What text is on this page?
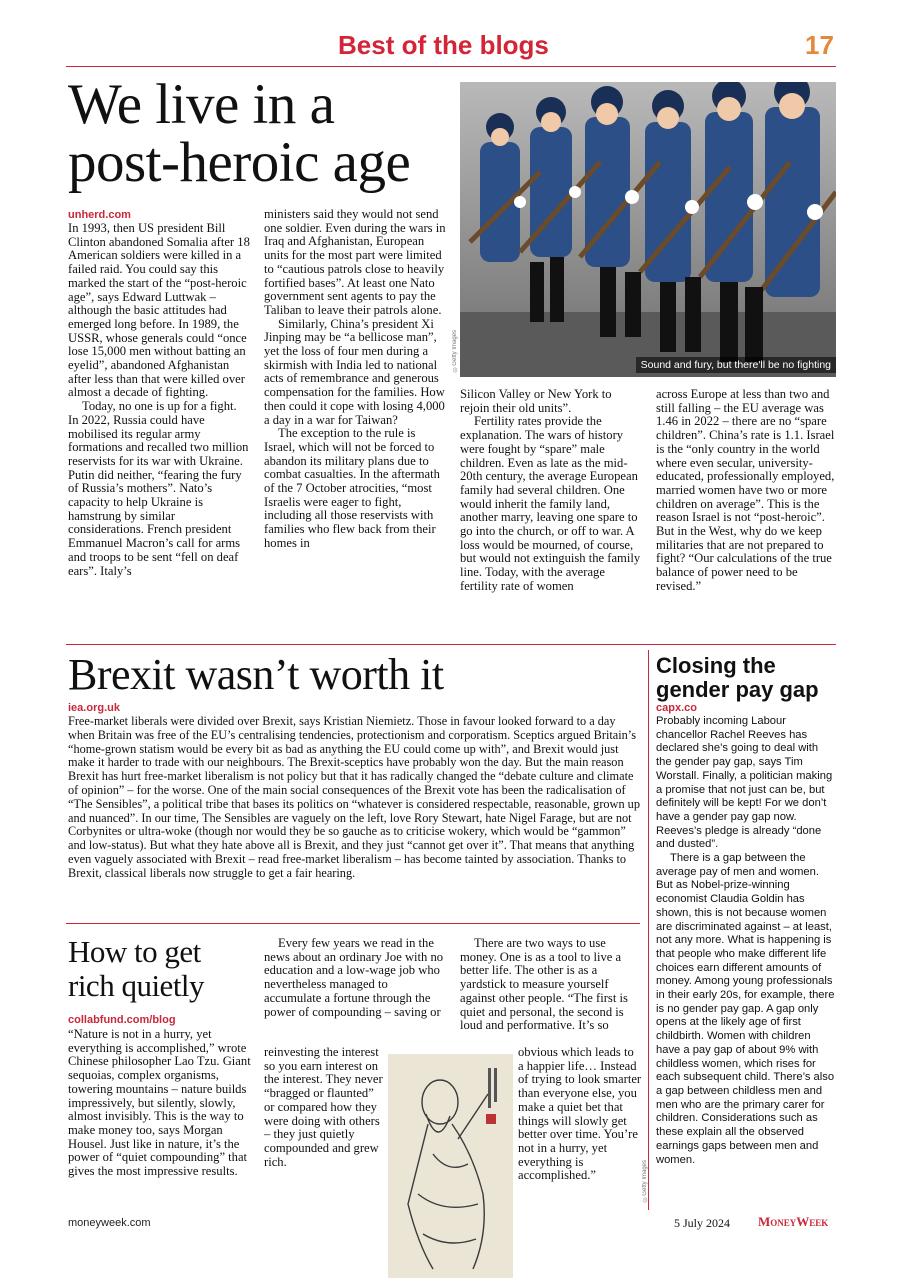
Best of the blogs	17
We live in a
post-heroic age
unherd.com
©Getty Images	Sound and fury, but there'll be no fighting

In 1993, then US president Bill Clinton abandoned Somalia after 18 American soldiers were killed in a failed raid. You could say this marked the start of the “post-heroic age”, says Edward Luttwak – although the basic attitudes had emerged long before. In 1989, the USSR, whose generals could “once lose 15,000 men without batting an eyelid”, abandoned Afghanistan after less than that were killed over almost a decade of fighting.

Today, no one is up for a fight. In 2022, Russia could have mobilised its regular army formations and recalled two million reservists for its war with Ukraine. Putin did neither, “fearing the fury of Russia’s mothers”. Nato’s capacity to help Ukraine is hamstrung by similar considerations. French president Emmanuel Macron’s call for arms and troops to be sent “fell on deaf ears”. Italy’s

ministers said they would not send one soldier. Even during the wars in Iraq and Afghanistan, European units for the most part were limited to “cautious patrols close to heavily fortified bases”. At least one Nato government sent agents to pay the Taliban to leave their patrols alone.

Similarly, China’s president Xi Jinping may be “a bellicose man”, yet the loss of four men during a skirmish with India led to national acts of remembrance and generous compensation for the families. How then could it cope with losing 4,000 a day in a war for Taiwan?

The exception to the rule is Israel, which will not be forced to abandon its military plans due to combat casualties. In the aftermath of the 7 October atrocities, “most Israelis were eager to fight, including all those reservists with families who flew back from their homes in

Silicon Valley or New York to rejoin their old units”.

Fertility rates provide the explanation. The wars of history were fought by “spare” male children. Even as late as the mid-20th century, the average European family had several children. One would inherit the family land, another marry, leaving one spare to go into the church, or off to war. A loss would be mourned, of course, but would not extinguish the family line. Today, with the average fertility rate of women

across Europe at less than two and still falling – the EU average was 1.46 in 2022 – there are no “spare children”. China’s rate is 1.1. Israel is the “only country in the world where even secular, university-educated, professionally employed, married women have two or more children on average”. This is the reason Israel is not “post-heroic”. But in the West, why do we keep militaries that are not prepared to fight? “Our calculations of the true balance of power need to be revised.”

Brexit wasn’t worth it
iea.org.uk
Free-market liberals were divided over Brexit, says Kristian Niemietz. Those in favour looked forward to a day when Britain was free of the EU’s centralising tendencies, protectionism and corporatism. Sceptics argued Britain’s “home-grown statism would be every bit as bad as anything the EU could come up with”, and Brexit would just make it harder to trade with our neighbours. The Brexit-sceptics have probably won the day. But the main reason Brexit has hurt free-market liberalism is not policy but that it has radically changed the “debate culture and climate of opinion” – for the worse. One of the main social consequences of the Brexit vote has been the radicalisation of “The Sensibles”, a political tribe that bases its politics on “whatever is considered respectable, reasonable, grown up and nuanced”. In our time, The Sensibles are vaguely on the left, love Rory Stewart, hate Nigel Farage, but are not Corbynites or ultra-woke (though nor would they be so gauche as to criticise wokery, which would be “gammon” and low-status). But what they hate above all is Brexit, and they just “cannot get over it”. That means that anything even vaguely associated with Brexit – read free-market liberalism – has become tainted by association. Thanks to Brexit, classical liberals now struggle to get a fair hearing.
Closing the
gender pay gap
capx.co

Probably incoming Labour chancellor Rachel Reeves has declared she’s going to deal with the gender pay gap, says Tim Worstall. Finally, a politician making a promise that not just can be, but definitely will be kept! For we don’t have a gender pay gap now. Reeves’s pledge is already “done and dusted”.

There is a gap between the average pay of men and women. But as Nobel-prize-winning economist Claudia Goldin has shown, this is not because women are discriminated against – at least, not any more. What is happening is that people who make different life choices earn different amounts of money. Among young professionals in their early 20s, for example, there is no gender pay gap. A gap only opens at the likely age of first childbirth. Women with children have a pay gap of about 9% with childless women, which rises for each subsequent child. There’s also a gap between childless men and men who are the primary carer for children. Considerations such as these explain all the observed earnings gaps between men and women.

How to get
rich quietly
collabfund.com/blog
“Nature is not in a hurry, yet everything is accomplished,” wrote Chinese philosopher Lao Tzu. Giant sequoias, complex organisms, towering mountains – nature builds impressively, but silently, slowly, almost invisibly. This is the way to make money too, says Morgan Housel. Just like in nature, it’s the power of “quiet compounding” that gives the most impressive results.
Every few years we read in the news about an ordinary Joe with no education and a low-wage job who nevertheless managed to accumulate a fortune through the power of compounding – saving or
reinvesting the interest so you earn interest on the interest. They never “bragged or flaunted” or compared how they were doing with others – they just quietly compounded and grew rich.
There are two ways to use money. One is as a tool to live a better life. The other is as a yardstick to measure yourself against other people. “The first is quiet and personal, the second is loud and performative. It’s so
obvious which leads to a happier life… Instead of trying to look smarter than everyone else, you make a quiet bet that things will slowly get better over time. You’re not in a hurry, yet everything is accomplished.”	©Getty Images
moneyweek.com	5 July 2024 MoneyWeek
